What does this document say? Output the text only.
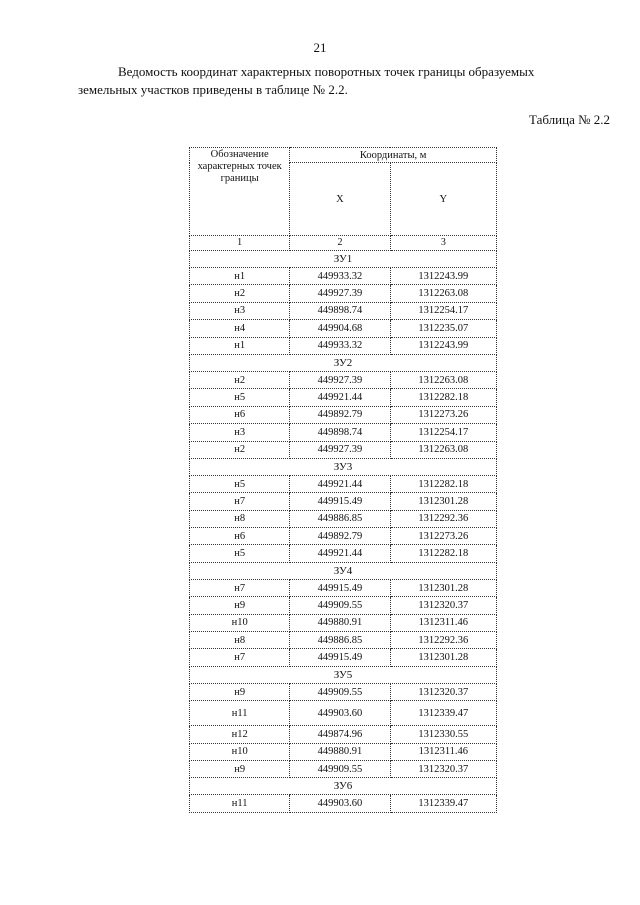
21

Ведомость координат характерных поворотных точек границы образуемых
земельных участков приведены в таблице № 2.2.

Таблица № 2.2
Обозначение характерных точек границы	Координаты, м	
	X	Y
1	2	3
ЗУ1		
н1	449933.32	1312243.99
н2	449927.39	1312263.08
н3	449898.74	1312254.17
н4	449904.68	1312235.07
н1	449933.32	1312243.99
ЗУ2		
н2	449927.39	1312263.08
н5	449921.44	1312282.18
н6	449892.79	1312273.26
н3	449898.74	1312254.17
н2	449927.39	1312263.08
ЗУ3		
н5	449921.44	1312282.18
н7	449915.49	1312301.28
н8	449886.85	1312292.36
н6	449892.79	1312273.26
н5	449921.44	1312282.18
ЗУ4		
н7	449915.49	1312301.28
н9	449909.55	1312320.37
н10	449880.91	1312311.46
н8	449886.85	1312292.36
н7	449915.49	1312301.28
ЗУ5		
н9	449909.55	1312320.37
н11	449903.60	1312339.47
н12	449874.96	1312330.55
н10	449880.91	1312311.46
н9	449909.55	1312320.37
ЗУ6		
н11	449903.60	1312339.47
